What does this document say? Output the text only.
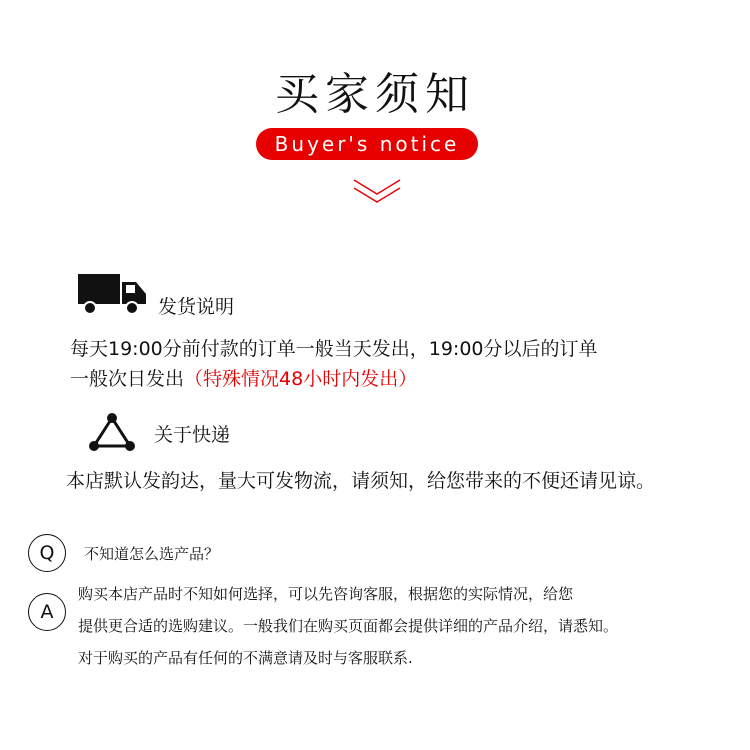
买家须知
Buyer's notice
发货说明
每天19:00分前付款的订单一般当天发出，19:00分以后的订单
一般次日发出（特殊情况48小时内发出）
关于快递
本店默认发韵达，量大可发物流，请须知，给您带来的不便还请见谅。
Q	不知道怎么选产品？
A
购买本店产品时不知如何选择，可以先咨询客服，根据您的实际情况，给您
提供更合适的选购建议。一般我们在购买页面都会提供详细的产品介绍，请悉知。
对于购买的产品有任何的不满意请及时与客服联系.
